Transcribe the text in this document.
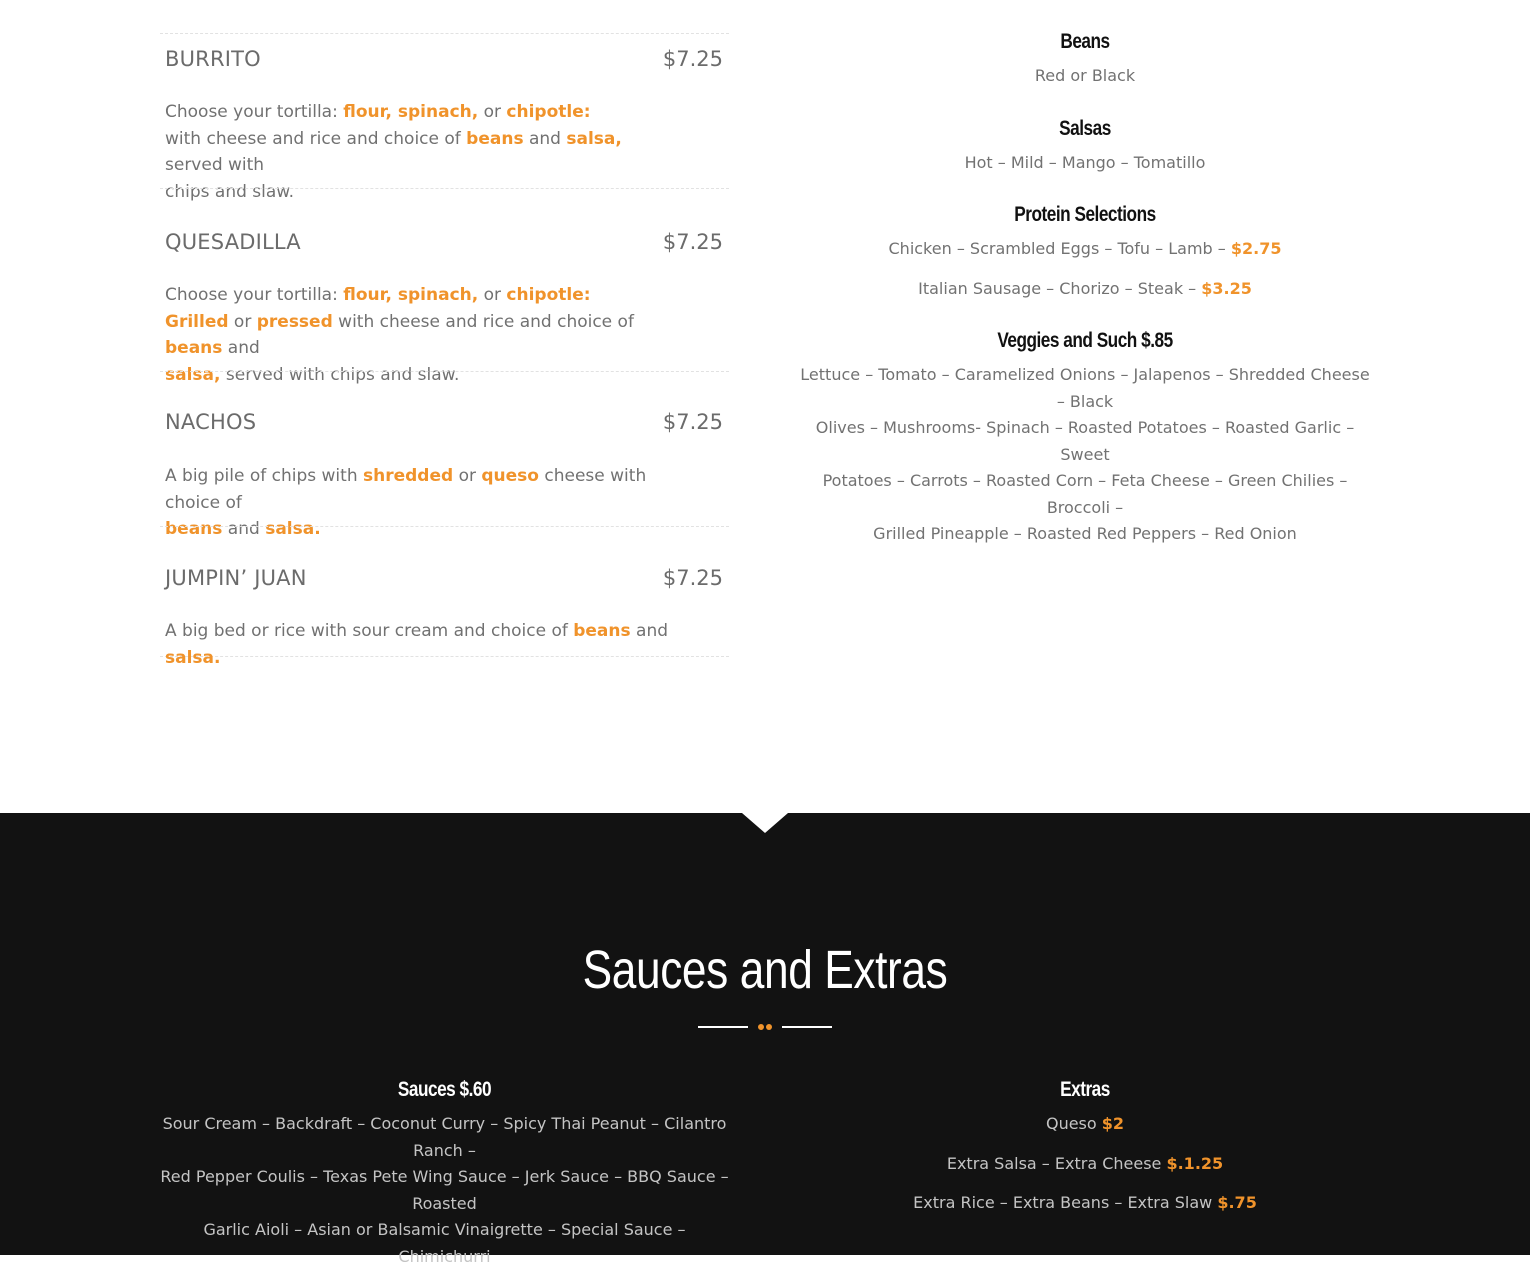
BURRITO	$7.25
Choose your tortilla: flour, spinach, or chipotle:
with cheese and rice and choice of beans and salsa, served with
chips and slaw.
QUESADILLA	$7.25
Choose your tortilla: flour, spinach, or chipotle:
Grilled or pressed with cheese and rice and choice of beans and
salsa, served with chips and slaw.
NACHOS	$7.25
A big pile of chips with shredded or queso cheese with choice of
beans and salsa.
JUMPIN’ JUAN	$7.25
A big bed or rice with sour cream and choice of beans and salsa.
Beans
Red or Black
Salsas
Hot – Mild – Mango – Tomatillo
Protein Selections
Chicken – Scrambled Eggs – Tofu – Lamb – $2.75
Italian Sausage – Chorizo – Steak – $3.25
Veggies and Such $.85
Lettuce – Tomato – Caramelized Onions – Jalapenos – Shredded Cheese – Black
Olives – Mushrooms- Spinach – Roasted Potatoes – Roasted Garlic – Sweet
Potatoes – Carrots – Roasted Corn – Feta Cheese – Green Chilies – Broccoli –
Grilled Pineapple – Roasted Red Peppers – Red Onion
Sauces and Extras
Sauces $.60
Sour Cream – Backdraft – Coconut Curry – Spicy Thai Peanut – Cilantro Ranch –
Red Pepper Coulis – Texas Pete Wing Sauce – Jerk Sauce – BBQ Sauce – Roasted
Garlic Aioli – Asian or Balsamic Vinaigrette – Special Sauce – Chimichurri
Extras
Queso $2
Extra Salsa – Extra Cheese $.1.25
Extra Rice – Extra Beans – Extra Slaw $.75
